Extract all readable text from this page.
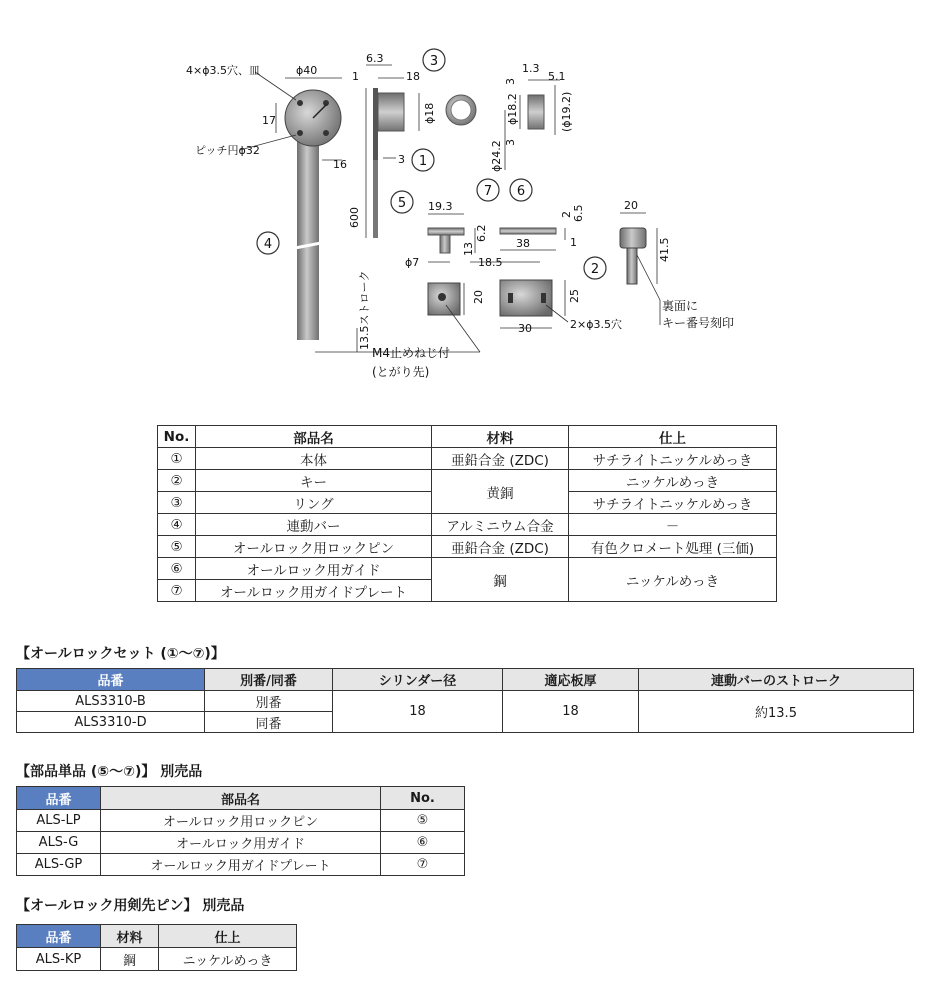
1
2
3
4
5
6
7
4×ϕ3.5穴、皿	ϕ40
17
ピッチ円ϕ32
16
600
13.5ストローク
6.3
1	18
ϕ18
3
1.3
3	5.1
ϕ18.2	(ϕ19.2)
3
ϕ24.2
19.3
6.2
13
ϕ7	18.5
38
2 6.5
1
20
41.5
20	25
30	2×ϕ3.5穴
裏面に
キー番号刻印
M4止めねじ付
(とがり先)
No.	部品名	材料	仕上
①	本体	亜鉛合金 (ZDC)	サチライトニッケルめっき
②	キー	黄銅	ニッケルめっき
③	リング		サチライトニッケルめっき
④	連動バー	アルミニウム合金	－
⑤	オールロック用ロックピン	亜鉛合金 (ZDC)	有色クロメート処理 (三価)
⑥	オールロック用ガイド	鋼	ニッケルめっき
⑦	オールロック用ガイドプレート		
【オールロックセット (①〜⑦)】
品番	別番/同番	シリンダー径	適応板厚	連動バーのストローク
ALS3310-B	別番	18	18	約13.5
ALS3310-D	同番			
【部品単品 (⑤〜⑦)】 別売品
品番	部品名	No.
ALS-LP	オールロック用ロックピン	⑤
ALS-G	オールロック用ガイド	⑥
ALS-GP	オールロック用ガイドプレート	⑦
【オールロック用剣先ピン】 別売品
品番	材料	仕上
ALS-KP	鋼	ニッケルめっき
